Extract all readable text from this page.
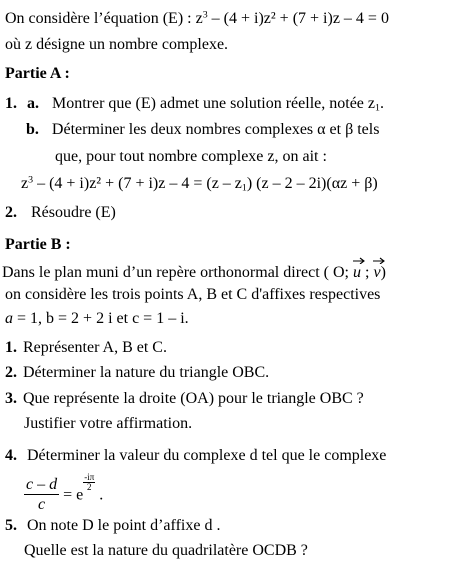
On considère l’équation (E) : $z^3 - (4 + i)z^2 + (7 + i)z - 4 = 0$
où z désigne un nombre complexe.
Partie A :
1. a. Montrer que (E) admet une solution réelle, notée $z_1$.
b. Déterminer les deux nombres complexes α et β tels
que, pour tout nombre complexe z, on ait :
$z^3 - (4 + i)z^2 + (7 + i)z - 4 = (z - z_1)$ (z – 2 – 2i)(αz + β)
2. Résoudre (E)
Partie B :
Dans le plan muni d’un repère orthonormal direct ( O;
u ;
v)
on considère les trois points A, B et C d'affixes respectives
a = 1, b = 2 + 2 i et c = 1 – i.
1. Représenter A, B et C.
2. Déterminer la nature du triangle OBC.
3. Que représente la droite (OA) pour le triangle OBC ?
Justifier votre affirmation.
4. Déterminer la valeur du complexe d tel que le complexe
$\frac{c - d}{c} = e$
$\frac{-i\pi}{2}$
.
5. On note D le point d’affixe d .
Quelle est la nature du quadrilatère OCDB ?
